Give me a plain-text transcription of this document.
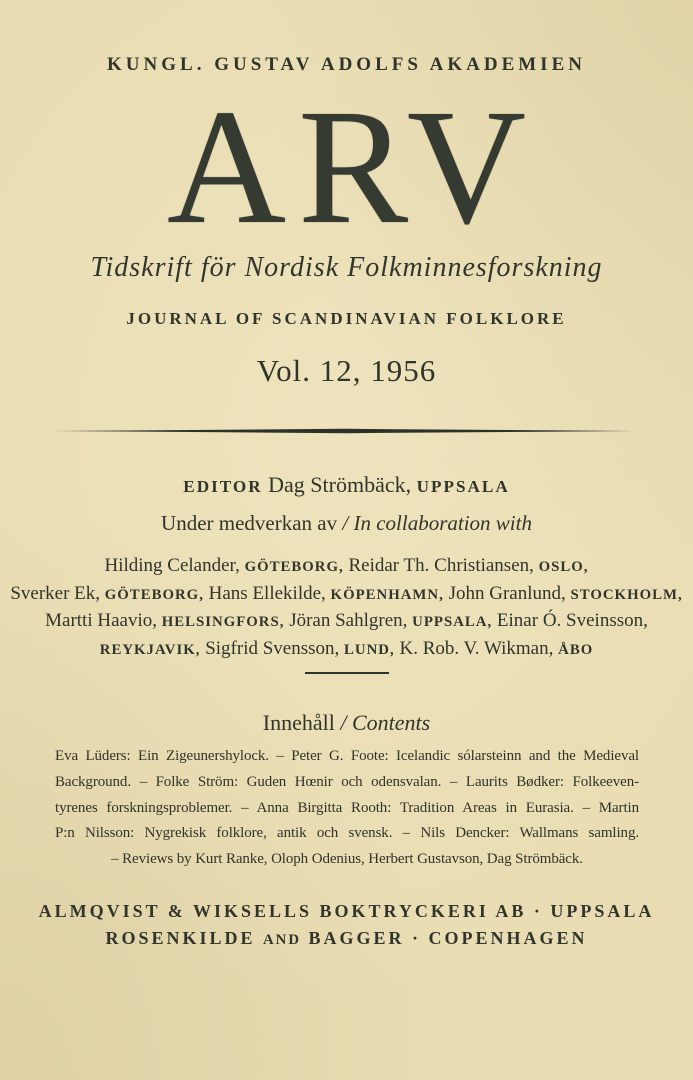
KUNGL. GUSTAV ADOLFS AKADEMIEN
ARV
Tidskrift för Nordisk Folkminnesforskning
JOURNAL OF SCANDINAVIAN FOLKLORE
Vol. 12, 1956
EDITOR Dag Strömbäck, UPPSALA
Under medverkan av / In collaboration with
Hilding Celander, GÖTEBORG, Reidar Th. Christiansen, OSLO,
Sverker Ek, GÖTEBORG, Hans Ellekilde, KÖPENHAMN, John Granlund, STOCKHOLM,
Martti Haavio, HELSINGFORS, Jöran Sahlgren, UPPSALA, Einar Ó. Sveinsson,
REYKJAVIK, Sigfrid Svensson, LUND, K. Rob. V. Wikman, ÅBO
Innehåll / Contents
Eva Lüders: Ein Zigeunershylock. – Peter G. Foote: Icelandic sólarsteinn and the Medieval
Background. – Folke Ström: Guden Hœnir och odensvalan. – Laurits Bødker: Folkeeven-
tyrenes forskningsproblemer. – Anna Birgitta Rooth: Tradition Areas in Eurasia. – Martin
P:n Nilsson: Nygrekisk folklore, antik och svensk. – Nils Dencker: Wallmans samling.
– Reviews by Kurt Ranke, Oloph Odenius, Herbert Gustavson, Dag Strömbäck.
ALMQVIST & WIKSELLS BOKTRYCKERI AB · UPPSALA
ROSENKILDE AND BAGGER · COPENHAGEN
